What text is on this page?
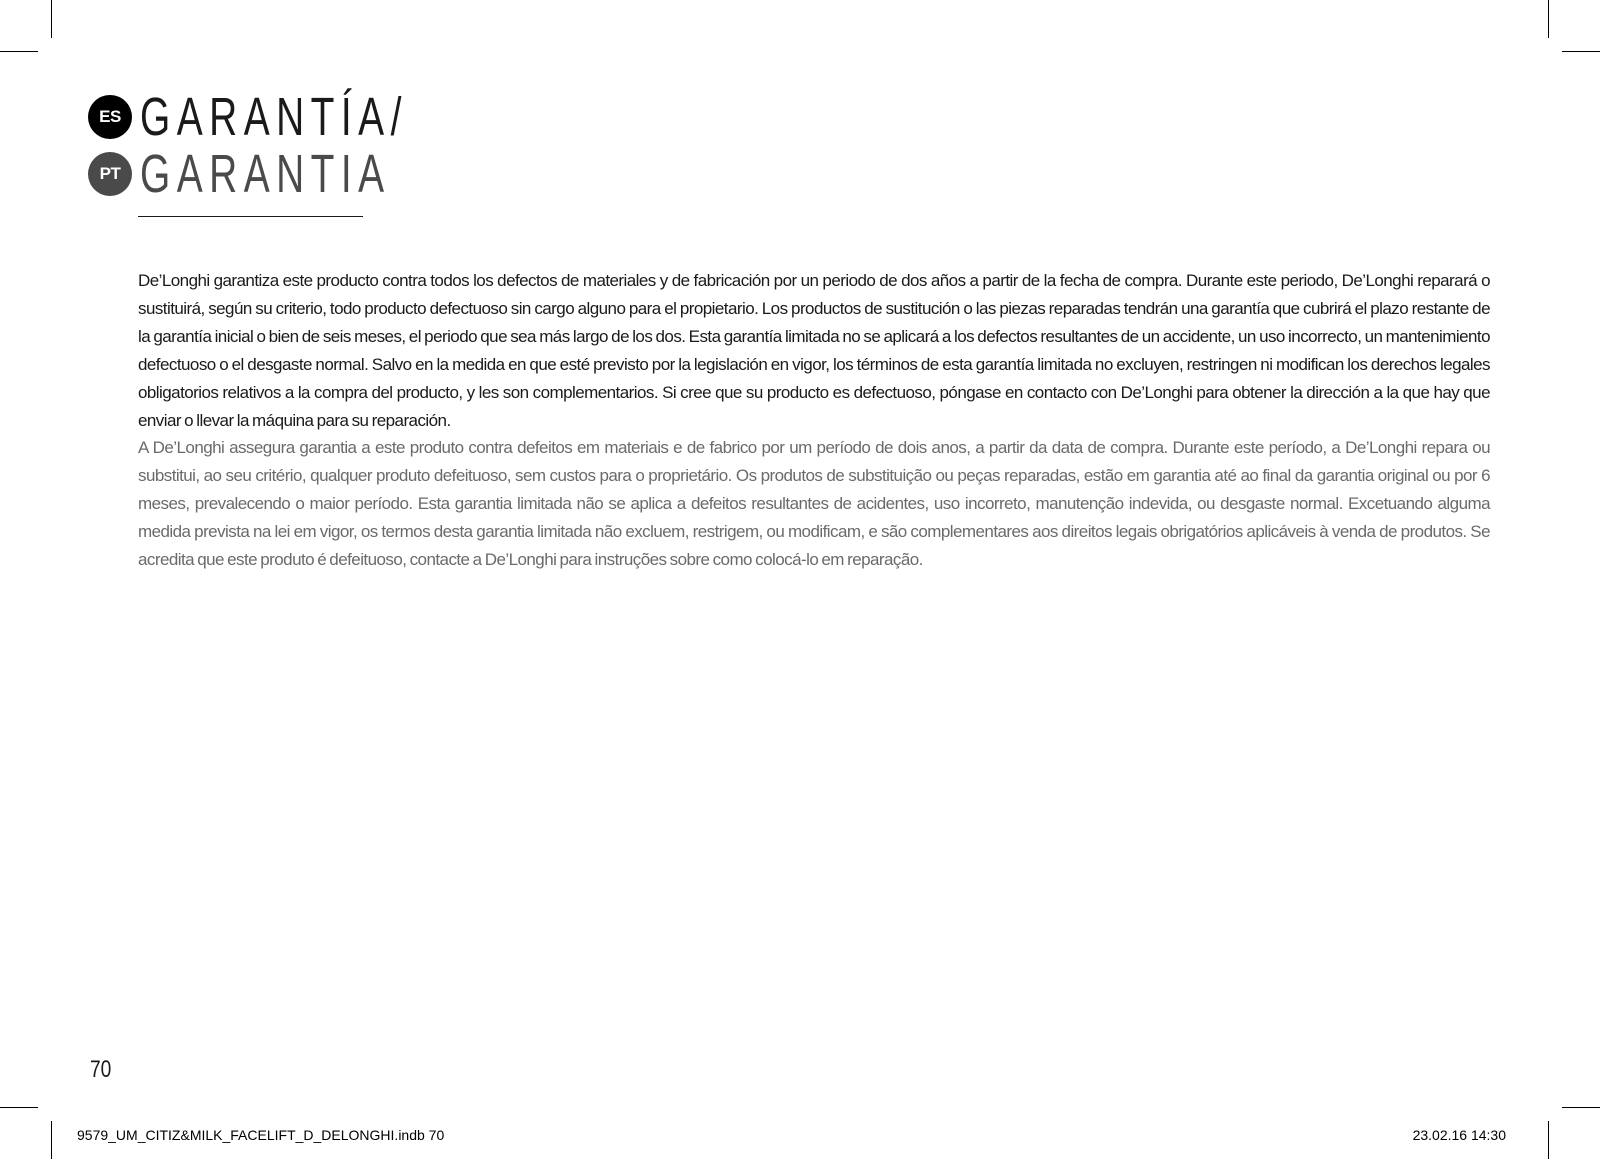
ES GARANTÍA/
PT GARANTIA

De’Longhi garantiza este producto contra todos los defectos de materiales y de fabricación por un periodo de dos años a partir de la fecha de compra. Durante este periodo, De’Longhi reparará o sustituirá, según su criterio, todo producto defectuoso sin cargo alguno para el propietario. Los productos de sustitución o las piezas reparadas tendrán una garantía que cubrirá el plazo restante de la garantía inicial o bien de seis meses, el periodo que sea más largo de los dos. Esta garantía limitada no se aplicará a los defectos resultantes de un accidente, un uso incorrecto, un mantenimiento defectuoso o el desgaste normal. Salvo en la medida en que esté previsto por la legislación en vigor, los términos de esta garantía limitada no excluyen, restringen ni modifican los derechos legales obligatorios relativos a la compra del producto, y les son complementarios. Si cree que su producto es defectuoso, póngase en contacto con De’Longhi para obtener la dirección a la que hay que enviar o llevar la máquina para su reparación.

A De’Longhi assegura garantia a este produto contra defeitos em materiais e de fabrico por um período de dois anos, a partir da data de compra. Durante este período, a De’Longhi repara ou substitui, ao seu critério, qualquer produto defeituoso, sem custos para o proprietário. Os produtos de substituição ou peças reparadas, estão em garantia até ao final da garantia original ou por 6 meses, prevalecendo o maior período. Esta garantia limitada não se aplica a defeitos resultantes de acidentes, uso incorreto, manutenção indevida, ou desgaste normal. Excetuando alguma medida prevista na lei em vigor, os termos desta garantia limitada não excluem, restrigem, ou modificam, e são complementares aos direitos legais obrigatórios aplicáveis à venda de produtos. Se acredita que este produto é defeituoso, contacte a De’Longhi para instruções sobre como colocá-lo em reparação.

70
9579_UM_CITIZ&MILK_FACELIFT_D_DELONGHI.indb 70	23.02.16 14:30
